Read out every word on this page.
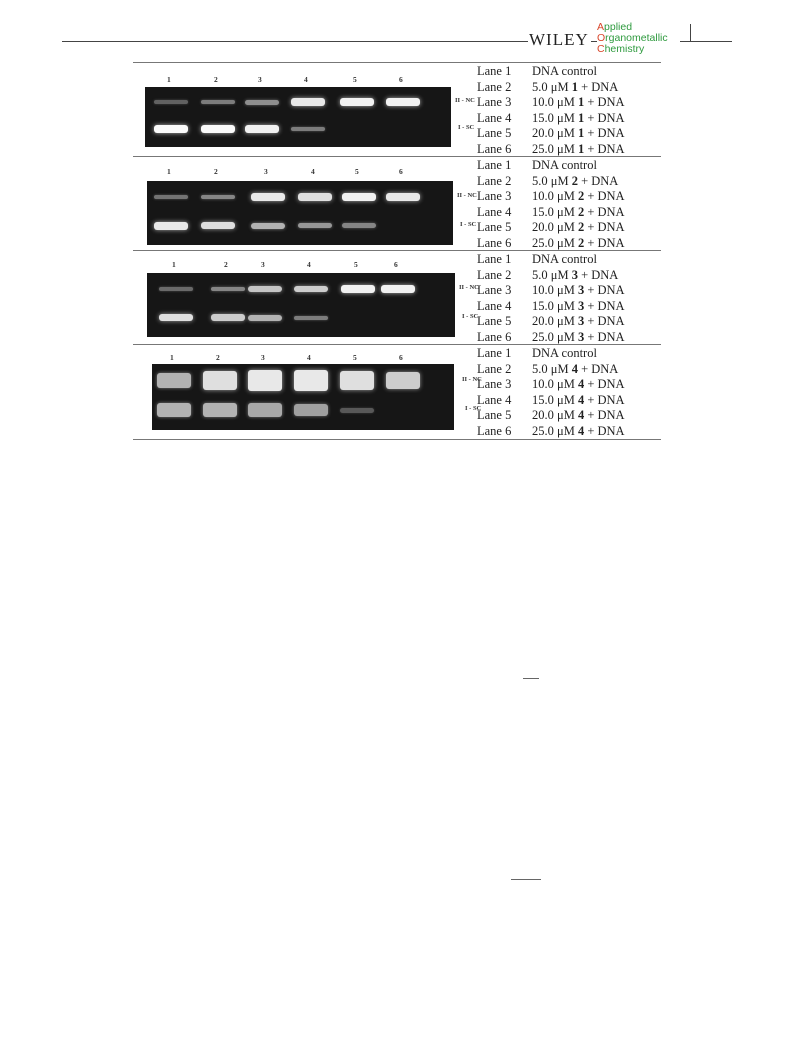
WILEY
Applied
Organometallic
Chemistry
1	2	3	4	5	6
II - NC
I - SC
Lane 1 DNA control
Lane 2 5.0 μM 1 + DNA
Lane 3 10.0 μM 1 + DNA
Lane 4 15.0 μM 1 + DNA
Lane 5 20.0 μM 1 + DNA
Lane 6 25.0 μM 1 + DNA
1	2	3	4	5	6
II - NC
I - SC
Lane 1 DNA control
Lane 2 5.0 μM 2 + DNA
Lane 3 10.0 μM 2 + DNA
Lane 4 15.0 μM 2 + DNA
Lane 5 20.0 μM 2 + DNA
Lane 6 25.0 μM 2 + DNA
1	2	3	4	5	6
II - NC
I - SC
Lane 1 DNA control
Lane 2 5.0 μM 3 + DNA
Lane 3 10.0 μM 3 + DNA
Lane 4 15.0 μM 3 + DNA
Lane 5 20.0 μM 3 + DNA
Lane 6 25.0 μM 3 + DNA
1	2	3	4	5	6
II - NC
I - SC
Lane 1 DNA control
Lane 2 5.0 μM 4 + DNA
Lane 3 10.0 μM 4 + DNA
Lane 4 15.0 μM 4 + DNA
Lane 5 20.0 μM 4 + DNA
Lane 6 25.0 μM 4 + DNA
